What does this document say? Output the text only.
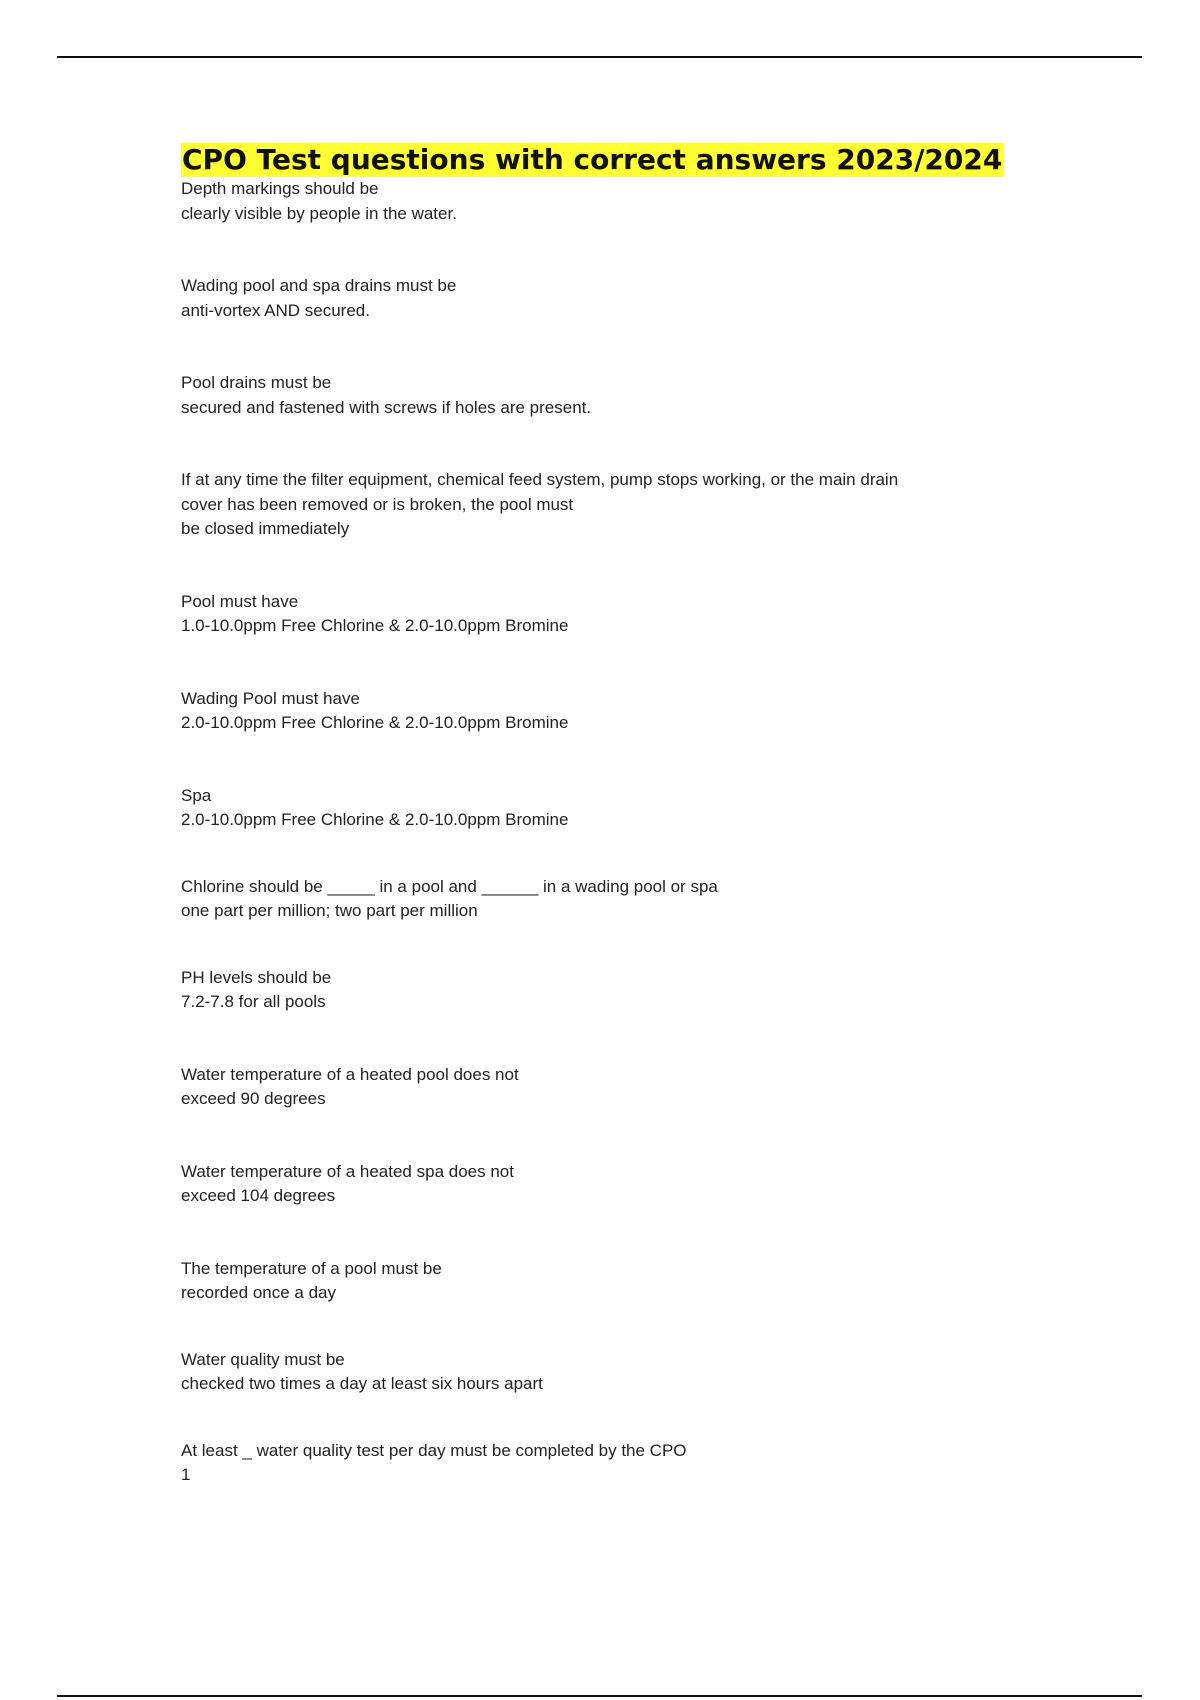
CPO Test questions with correct answers 2023/2024
Depth markings should be
clearly visible by people in the water.
Wading pool and spa drains must be
anti-vortex AND secured.
Pool drains must be
secured and fastened with screws if holes are present.
If at any time the filter equipment, chemical feed system, pump stops working, or the main drain
cover has been removed or is broken, the pool must
be closed immediately
Pool must have
1.0-10.0ppm Free Chlorine & 2.0-10.0ppm Bromine
Wading Pool must have
2.0-10.0ppm Free Chlorine & 2.0-10.0ppm Bromine
Spa
2.0-10.0ppm Free Chlorine & 2.0-10.0ppm Bromine
Chlorine should be _____ in a pool and ______ in a wading pool or spa
one part per million; two part per million
PH levels should be
7.2-7.8 for all pools
Water temperature of a heated pool does not
exceed 90 degrees
Water temperature of a heated spa does not
exceed 104 degrees
The temperature of a pool must be
recorded once a day
Water quality must be
checked two times a day at least six hours apart
At least _ water quality test per day must be completed by the CPO
1
